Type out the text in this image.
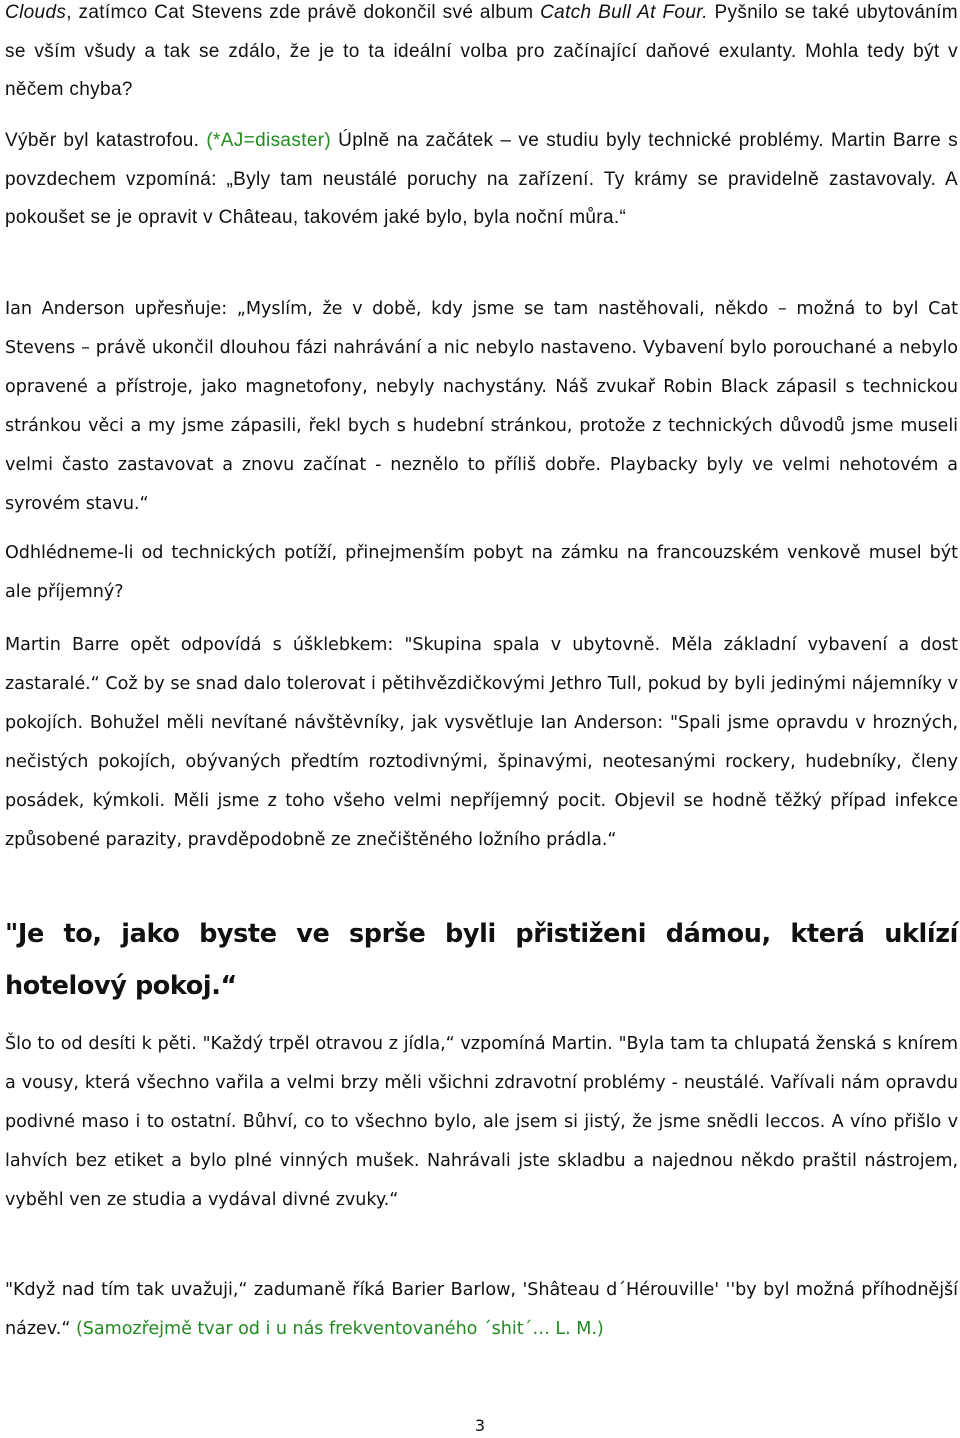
Clouds, zatímco Cat Stevens zde právě dokončil své album Catch Bull At Four. Pyšnilo se také ubytováním se vším všudy a tak se zdálo, že je to ta ideální volba pro začínající daňové exulanty. Mohla tedy být v něčem chyba?

Výběr byl katastrofou. (*AJ=disaster) Úplně na začátek – ve studiu byly technické problémy. Martin Barre s povzdechem vzpomíná: „Byly tam neustálé poruchy na zařízení. Ty krámy se pravidelně zastavovaly. A pokoušet se je opravit v Château, takovém jaké bylo, byla noční můra.“

Ian Anderson upřesňuje: „Myslím, že v době, kdy jsme se tam nastěhovali, někdo – možná to byl Cat Stevens – právě ukončil dlouhou fázi nahrávání a nic nebylo nastaveno. Vybavení bylo porouchané a nebylo opravené a přístroje, jako magnetofony, nebyly nachystány. Náš zvukař Robin Black zápasil s technickou stránkou věci a my jsme zápasili, řekl bych s hudební stránkou, protože z technických důvodů jsme museli velmi často zastavovat a znovu začínat - neznělo to příliš dobře. Playbacky byly ve velmi nehotovém a syrovém stavu.“

Odhlédneme-li od technických potíží, přinejmenším pobyt na zámku na francouzském venkově musel být ale příjemný?

Martin Barre opět odpovídá s úšklebkem: "Skupina spala v ubytovně. Měla základní vybavení a dost zastaralé.“ Což by se snad dalo tolerovat i pětihvězdičkovými Jethro Tull, pokud by byli jedinými nájemníky v pokojích. Bohužel měli nevítané návštěvníky, jak vysvětluje Ian Anderson: "Spali jsme opravdu v hrozných, nečistých pokojích, obývaných předtím roztodivnými, špinavými, neotesanými rockery, hudebníky, členy posádek, kýmkoli. Měli jsme z toho všeho velmi nepříjemný pocit. Objevil se hodně těžký případ infekce způsobené parazity, pravděpodobně ze znečištěného ložního prádla.“

"Je to, jako byste ve sprše byli přistiženi dámou, která uklízí hotelový pokoj.“

Šlo to od desíti k pěti. "Každý trpěl otravou z jídla,“ vzpomíná Martin. "Byla tam ta chlupatá ženská s knírem a vousy, která všechno vařila a velmi brzy měli všichni zdravotní problémy - neustálé. Vařívali nám opravdu podivné maso i to ostatní. Bůhví, co to všechno bylo, ale jsem si jistý, že jsme snědli leccos. A víno přišlo v lahvích bez etiket a bylo plné vinných mušek. Nahrávali jste skladbu a najednou někdo praštil nástrojem, vyběhl ven ze studia a vydával divné zvuky.“

"Když nad tím tak uvažuji,“ zadumaně říká Barier Barlow, 'Shâteau d´Hérouville' ''by byl možná příhodnější název.“ (Samozřejmě tvar od i u nás frekventovaného ´shit´… L. M.)

3
